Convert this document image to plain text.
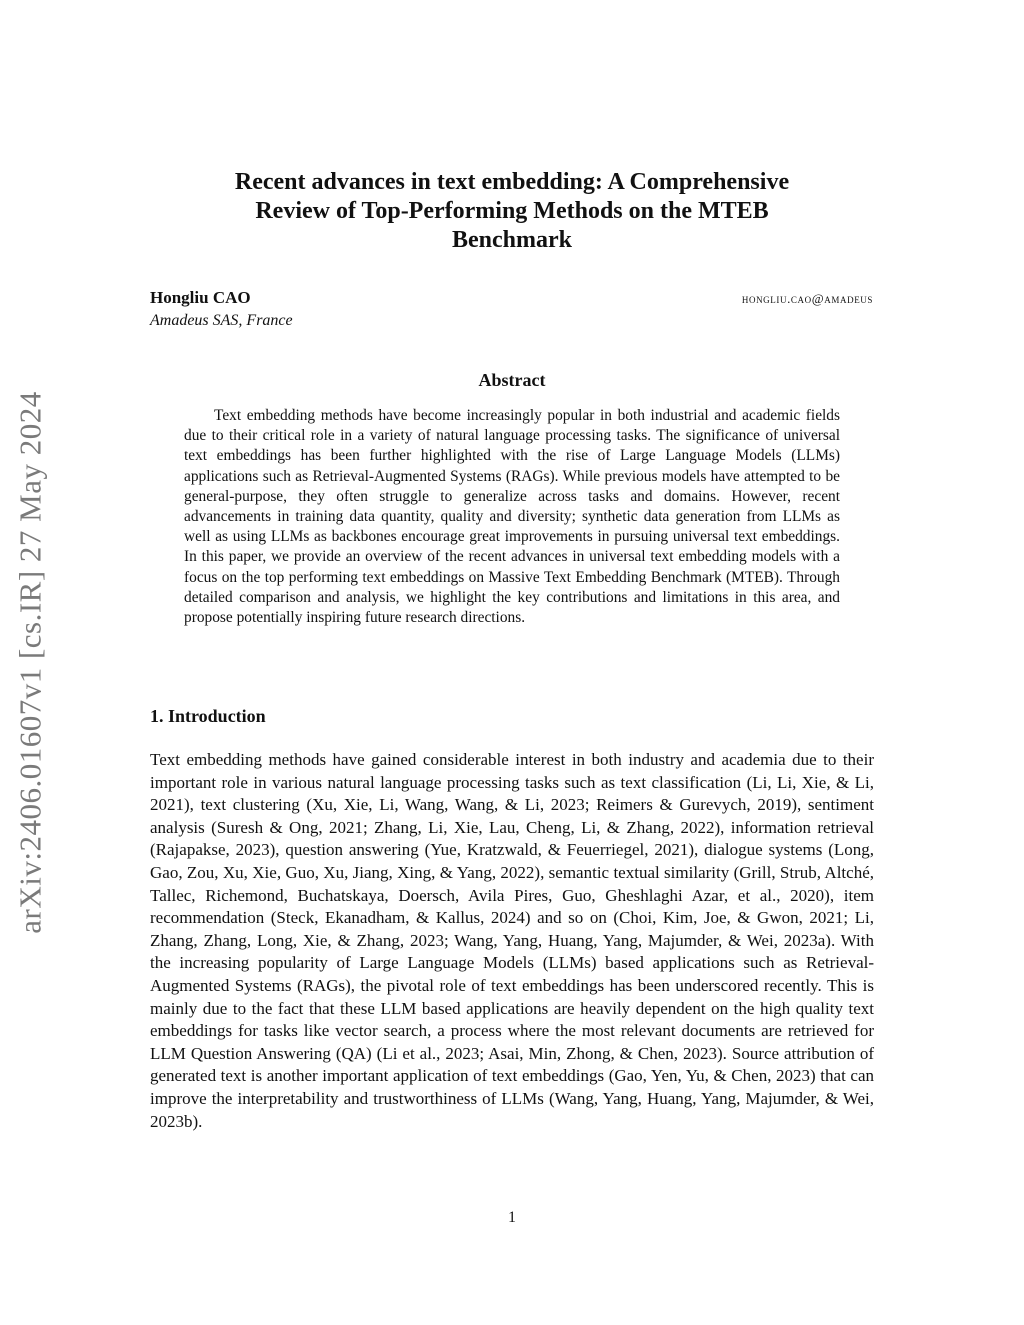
arXiv:2406.01607v1 [cs.IR] 27 May 2024
Recent advances in text embedding: A Comprehensive
Review of Top-Performing Methods on the MTEB
Benchmark
Hongliu CAO	hongliu.cao@amadeus
Amadeus SAS, France
Abstract

Text embedding methods have become increasingly popular in both industrial and academic fields due to their critical role in a variety of natural language processing tasks. The significance of universal text embeddings has been further highlighted with the rise of Large Language Models (LLMs) applications such as Retrieval-Augmented Systems (RAGs). While previous models have attempted to be general-purpose, they often struggle to generalize across tasks and domains. However, recent advancements in training data quantity, quality and diversity; synthetic data generation from LLMs as well as using LLMs as backbones encourage great improvements in pursuing universal text embeddings. In this paper, we provide an overview of the recent advances in universal text embedding models with a focus on the top performing text embeddings on Massive Text Embedding Benchmark (MTEB). Through detailed comparison and analysis, we highlight the key contributions and limitations in this area, and propose potentially inspiring future research directions.

1. Introduction

Text embedding methods have gained considerable interest in both industry and academia due to their important role in various natural language processing tasks such as text classification (Li, Li, Xie, & Li, 2021), text clustering (Xu, Xie, Li, Wang, Wang, & Li, 2023; Reimers & Gurevych, 2019), sentiment analysis (Suresh & Ong, 2021; Zhang, Li, Xie, Lau, Cheng, Li, & Zhang, 2022), information retrieval (Rajapakse, 2023), question answering (Yue, Kratzwald, & Feuerriegel, 2021), dialogue systems (Long, Gao, Zou, Xu, Xie, Guo, Xu, Jiang, Xing, & Yang, 2022), semantic textual similarity (Grill, Strub, Altché, Tallec, Richemond, Buchatskaya, Doersch, Avila Pires, Guo, Gheshlaghi Azar, et al., 2020), item recommendation (Steck, Ekanadham, & Kallus, 2024) and so on (Choi, Kim, Joe, & Gwon, 2021; Li, Zhang, Zhang, Long, Xie, & Zhang, 2023; Wang, Yang, Huang, Yang, Majumder, & Wei, 2023a). With the increasing popularity of Large Language Models (LLMs) based applications such as Retrieval-Augmented Systems (RAGs), the pivotal role of text embeddings has been underscored recently. This is mainly due to the fact that these LLM based applications are heavily dependent on the high quality text embeddings for tasks like vector search, a process where the most relevant documents are retrieved for LLM Question Answering (QA) (Li et al., 2023; Asai, Min, Zhong, & Chen, 2023). Source attribution of generated text is another important application of text embeddings (Gao, Yen, Yu, & Chen, 2023) that can improve the interpretability and trustworthiness of LLMs (Wang, Yang, Huang, Yang, Majumder, & Wei, 2023b).

1
